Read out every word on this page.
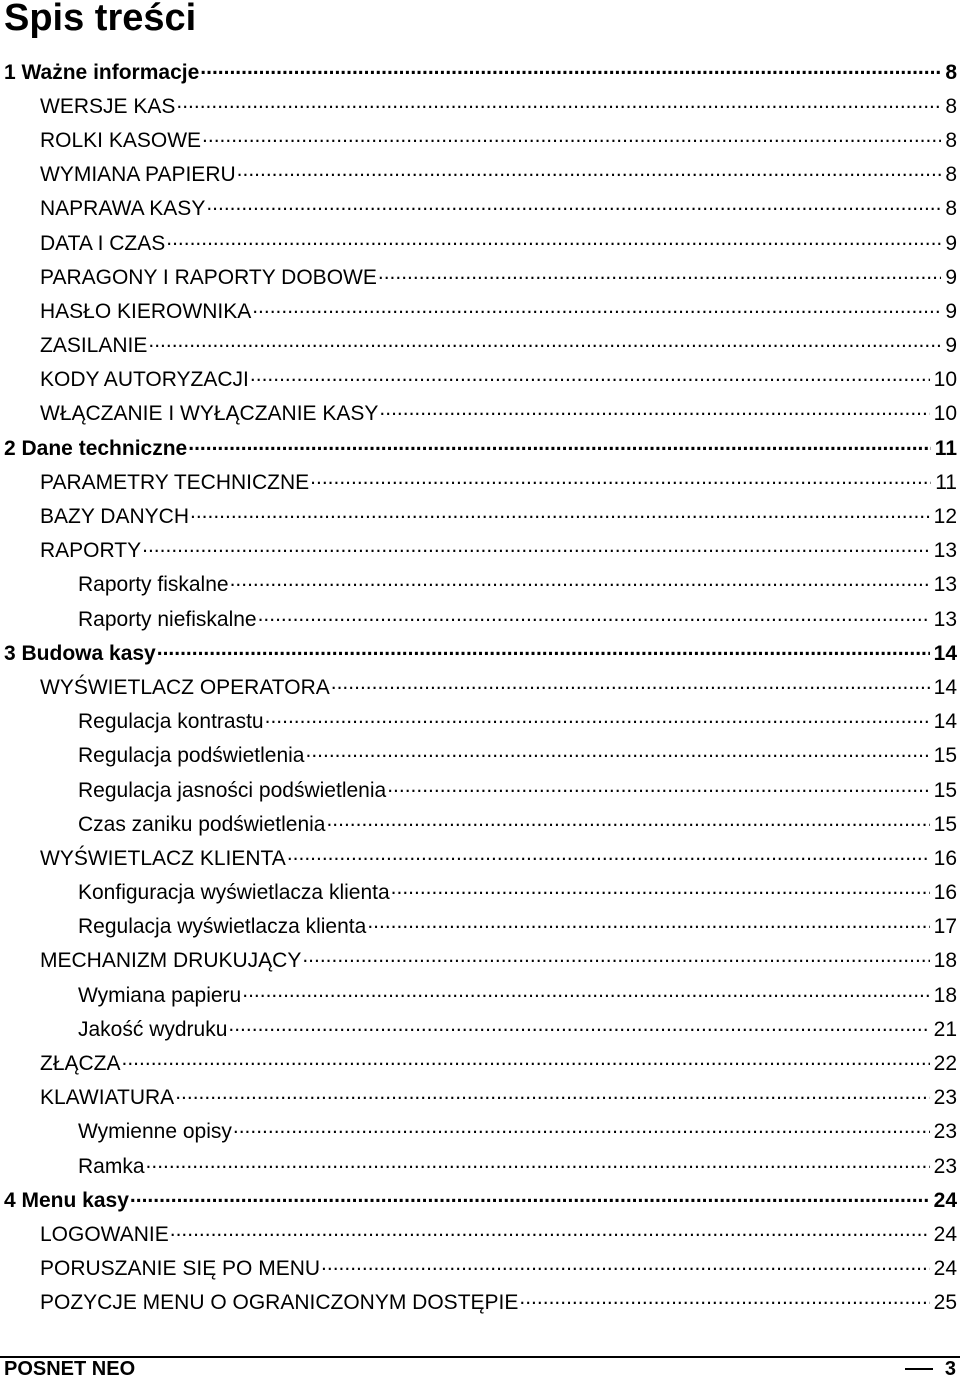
Spis treści
1 Ważne informacje .....	8
WERSJE KAS .....	8
ROLKI KASOWE .....	8
WYMIANA PAPIERU .....	8
NAPRAWA KASY .....	8
DATA I CZAS .....	9
PARAGONY I RAPORTY DOBOWE .....	9
HASŁO KIEROWNIKA .....	9
ZASILANIE .....	9
KODY AUTORYZACJI .....	10
WŁĄCZANIE I WYŁĄCZANIE KASY .....	10
2 Dane techniczne .....	11
PARAMETRY TECHNICZNE .....	11
BAZY DANYCH .....	12
RAPORTY .....	13
Raporty fiskalne .....	13
Raporty niefiskalne .....	13
3 Budowa kasy .....	14
WYŚWIETLACZ OPERATORA .....	14
Regulacja kontrastu .....	14
Regulacja podświetlenia .....	15
Regulacja jasności podświetlenia .....	15
Czas zaniku podświetlenia .....	15
WYŚWIETLACZ KLIENTA .....	16
Konfiguracja wyświetlacza klienta .....	16
Regulacja wyświetlacza klienta .....	17
MECHANIZM DRUKUJĄCY .....	18
Wymiana papieru .....	18
Jakość wydruku .....	21
ZŁĄCZA .....	22
KLAWIATURA .....	23
Wymienne opisy .....	23
Ramka .....	23
4 Menu kasy .....	24
LOGOWANIE .....	24
PORUSZANIE SIĘ PO MENU .....	24
POZYCJE MENU O OGRANICZONYM DOSTĘPIE .....	25
POSNET NEO	3
